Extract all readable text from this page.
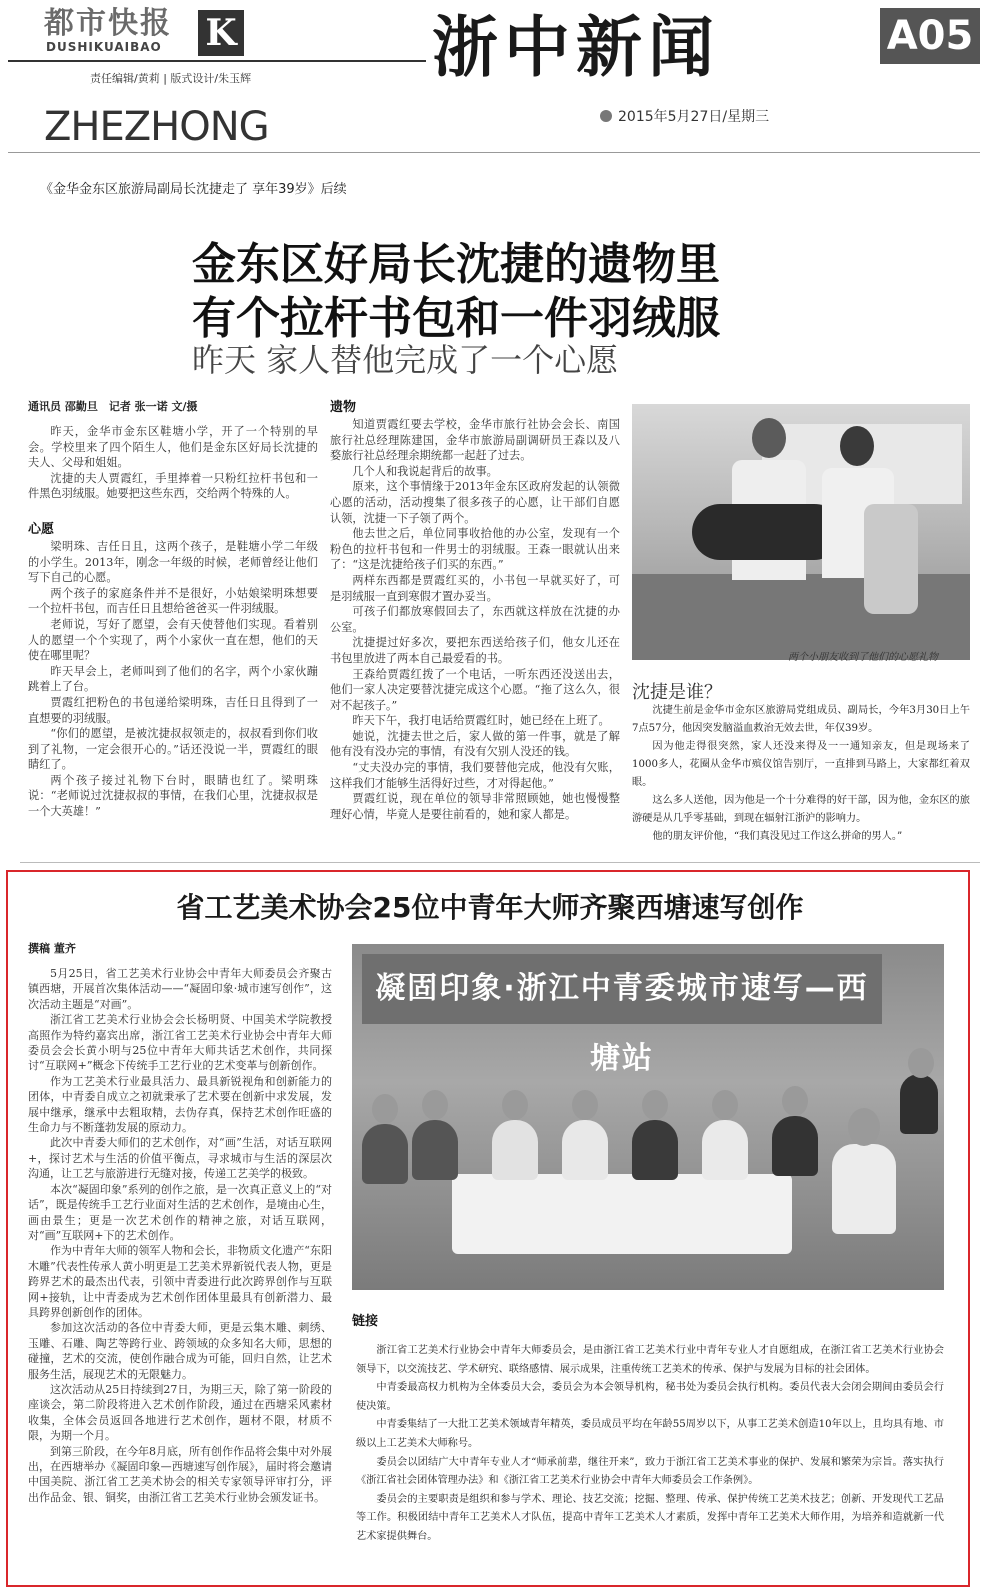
都市快报
DUSHIKUAIBAO K
责任编辑/黄莉 | 版式设计/朱玉辉
ZHEZHONG
浙中新闻	A05
2015年5月27日/星期三
《金华金东区旅游局副局长沈捷走了 享年39岁》后续
金东区好局长沈捷的遗物里
有个拉杆书包和一件羽绒服
昨天 家人替他完成了一个心愿
通讯员 邵勤旦　记者 张一诺 文/摄

昨天，金华市金东区鞋塘小学，开了一个特别的早会。学校里来了四个陌生人，他们是金东区好局长沈捷的夫人、父母和姐姐。

沈捷的夫人贾霞红，手里捧着一只粉红拉杆书包和一件黑色羽绒服。她要把这些东西，交给两个特殊的人。

心愿

梁明珠、吉任日且，这两个孩子，是鞋塘小学二年级的小学生。2013年，刚念一年级的时候，老师曾经让他们写下自己的心愿。

两个孩子的家庭条件并不是很好，小姑娘梁明珠想要一个拉杆书包，而吉任日且想给爸爸买一件羽绒服。

老师说，写好了愿望，会有天使替他们实现。看着别人的愿望一个个实现了，两个小家伙一直在想，他们的天使在哪里呢？

昨天早会上，老师叫到了他们的名字，两个小家伙蹦跳着上了台。

贾霞红把粉色的书包递给梁明珠，吉任日且得到了一直想要的羽绒服。

“你们的愿望，是被沈捷叔叔领走的，叔叔看到你们收到了礼物，一定会很开心的。”话还没说一半，贾霞红的眼睛红了。

两个孩子接过礼物下台时，眼睛也红了。梁明珠说：“老师说过沈捷叔叔的事情，在我们心里，沈捷叔叔是一个大英雄！”

遗物

知道贾霞红要去学校，金华市旅行社协会会长、南国旅行社总经理陈建国，金华市旅游局副调研员王森以及八婺旅行社总经理余期统都一起赶了过去。

几个人和我说起背后的故事。

原来，这个事情缘于2013年金东区政府发起的认领微心愿的活动，活动搜集了很多孩子的心愿，让干部们自愿认领，沈捷一下子领了两个。

他去世之后，单位同事收拾他的办公室，发现有一个粉色的拉杆书包和一件男士的羽绒服。王森一眼就认出来了：“这是沈捷给孩子们买的东西。”

两样东西都是贾霞红买的，小书包一早就买好了，可是羽绒服一直到寒假才置办妥当。

可孩子们都放寒假回去了，东西就这样放在沈捷的办公室。

沈捷提过好多次，要把东西送给孩子们，他女儿还在书包里放进了两本自己最爱看的书。

王森给贾霞红拨了一个电话，一听东西还没送出去，他们一家人决定要替沈捷完成这个心愿。“拖了这么久，很对不起孩子。”

昨天下午，我打电话给贾霞红时，她已经在上班了。

她说，沈捷去世之后，家人做的第一件事，就是了解他有没有没办完的事情，有没有欠别人没还的钱。

“丈夫没办完的事情，我们要替他完成，他没有欠账，这样我们才能够生活得好过些，才对得起他。”

贾霞红说，现在单位的领导非常照顾她，她也慢慢整理好心情，毕竟人是要往前看的，她和家人都是。

两个小朋友收到了他们的心愿礼物
沈捷是谁？

沈捷生前是金华市金东区旅游局党组成员、副局长，今年3月30日上午7点57分，他因突发脑溢血救治无效去世，年仅39岁。

因为他走得很突然，家人还没来得及一一通知亲友，但是现场来了1000多人，花圈从金华市殡仪馆告别厅，一直排到马路上，大家都红着双眼。

这么多人送他，因为他是一个十分难得的好干部，因为他，金东区的旅游硬是从几乎零基础，到现在辐射江浙沪的影响力。

他的朋友评价他，“我们真没见过工作这么拼命的男人。”

省工艺美术协会25位中青年大师齐聚西塘速写创作
撰稿 董齐

5月25日，省工艺美术行业协会中青年大师委员会齐聚古镇西塘，开展首次集体活动——“凝固印象·城市速写创作”，这次活动主题是“对画”。

浙江省工艺美术行业协会会长杨明贤、中国美术学院教授高照作为特约嘉宾出席，浙江省工艺美术行业协会中青年大师委员会会长黄小明与25位中青年大师共话艺术创作，共同探讨“互联网+”概念下传统手工艺行业的艺术变革与创新创作。

作为工艺美术行业最具活力、最具新锐视角和创新能力的团体，中青委自成立之初就秉承了艺术要在创新中求发展，发展中继承，继承中去粗取精，去伪存真，保持艺术创作旺盛的生命力与不断蓬勃发展的原动力。

此次中青委大师们的艺术创作，对“画”生活，对话互联网+，探讨艺术与生活的价值平衡点，寻求城市与生活的深层次沟通，让工艺与旅游进行无缝对接，传递工艺美学的极致。

本次“凝固印象”系列的创作之旅，是一次真正意义上的“对话”，既是传统手工艺行业面对生活的艺术创作，是境由心生，画由景生；更是一次艺术创作的精神之旅，对话互联网，对“画”互联网+下的艺术创作。

作为中青年大师的领军人物和会长，非物质文化遗产“东阳木雕”代表性传承人黄小明更是工艺美术界新锐代表人物，更是跨界艺术的最杰出代表，引领中青委进行此次跨界创作与互联网+接轨，让中青委成为艺术创作团体里最具有创新潜力、最具跨界创新创作的团体。

参加这次活动的各位中青委大师，更是云集木雕、刺绣、玉雕、石雕、陶艺等跨行业、跨领域的众多知名大师，思想的碰撞，艺术的交流，使创作融合成为可能，回归自然，让艺术服务生活，展现艺术的无限魅力。

这次活动从25日持续到27日，为期三天，除了第一阶段的座谈会，第二阶段将进入艺术创作阶段，通过在西塘采风素材收集，全体会员返回各地进行艺术创作，题材不限，材质不限，为期一个月。

到第三阶段，在今年8月底，所有创作作品将会集中对外展出，在西塘举办《凝固印象—西塘速写创作展》，届时将会邀请中国美院、浙江省工艺美术协会的相关专家领导评审打分，评出作品金、银、铜奖，由浙江省工艺美术行业协会颁发证书。

凝固印象·浙江中青委城市速写—西塘站
链接

浙江省工艺美术行业协会中青年大师委员会，是由浙江省工艺美术行业中青年专业人才自愿组成，在浙江省工艺美术行业协会领导下，以交流技艺、学术研究、联络感情、展示成果，注重传统工艺美术的传承、保护与发展为目标的社会团体。

中青委最高权力机构为全体委员大会，委员会为本会领导机构，秘书处为委员会执行机构。委员代表大会闭会期间由委员会行使决策。

中青委集结了一大批工艺美术领域青年精英，委员成员平均在年龄55周岁以下，从事工艺美术创造10年以上，且均具有地、市级以上工艺美术大师称号。

委员会以团结广大中青年专业人才“师承前辈，继往开来”，致力于浙江省工艺美术事业的保护、发展和繁荣为宗旨。落实执行《浙江省社会团体管理办法》和《浙江省工艺美术行业协会中青年大师委员会工作条例》。

委员会的主要职责是组织和参与学术、理论、技艺交流；挖掘、整理、传承、保护传统工艺美术技艺；创新、开发现代工艺品等工作。积极团结中青年工艺美术人才队伍，提高中青年工艺美术人才素质，发挥中青年工艺美术大师作用，为培养和造就新一代艺术家提供舞台。
